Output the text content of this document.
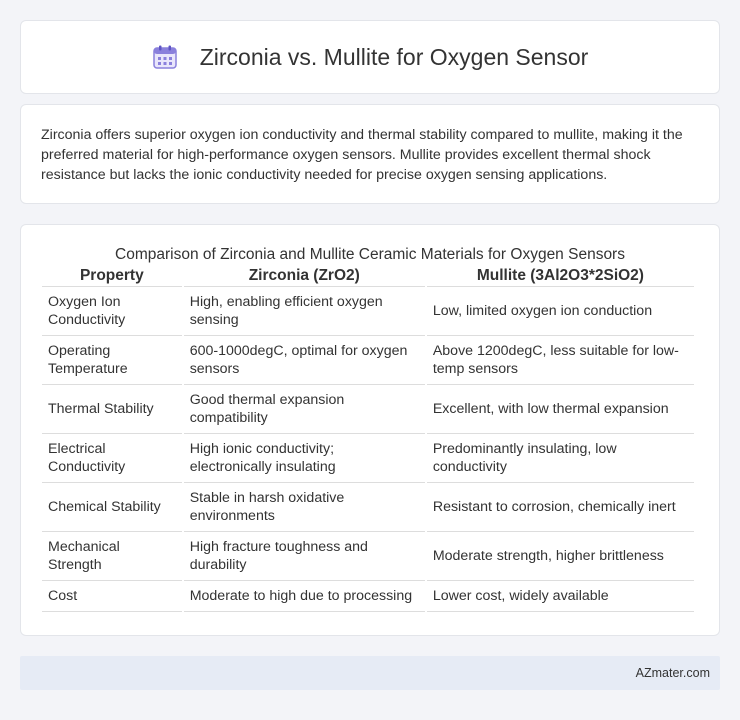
Zirconia vs. Mullite for Oxygen Sensor

Zirconia offers superior oxygen ion conductivity and thermal stability compared to mullite, making it the preferred material for high-performance oxygen sensors. Mullite provides excellent thermal shock resistance but lacks the ionic conductivity needed for precise oxygen sensing applications.

Comparison of Zirconia and Mullite Ceramic Materials for Oxygen Sensors
Property	Zirconia (ZrO2)	Mullite (3Al2O3*2SiO2)
Oxygen Ion Conductivity	High, enabling efficient oxygen sensing	Low, limited oxygen ion conduction
Operating Temperature	600-1000degC, optimal for oxygen sensors	Above 1200degC, less suitable for low-temp sensors
Thermal Stability	Good thermal expansion compatibility	Excellent, with low thermal expansion
Electrical Conductivity	High ionic conductivity; electronically insulating	Predominantly insulating, low conductivity
Chemical Stability	Stable in harsh oxidative environments	Resistant to corrosion, chemically inert
Mechanical Strength	High fracture toughness and durability	Moderate strength, higher brittleness
Cost	Moderate to high due to processing	Lower cost, widely available
AZmater.com
